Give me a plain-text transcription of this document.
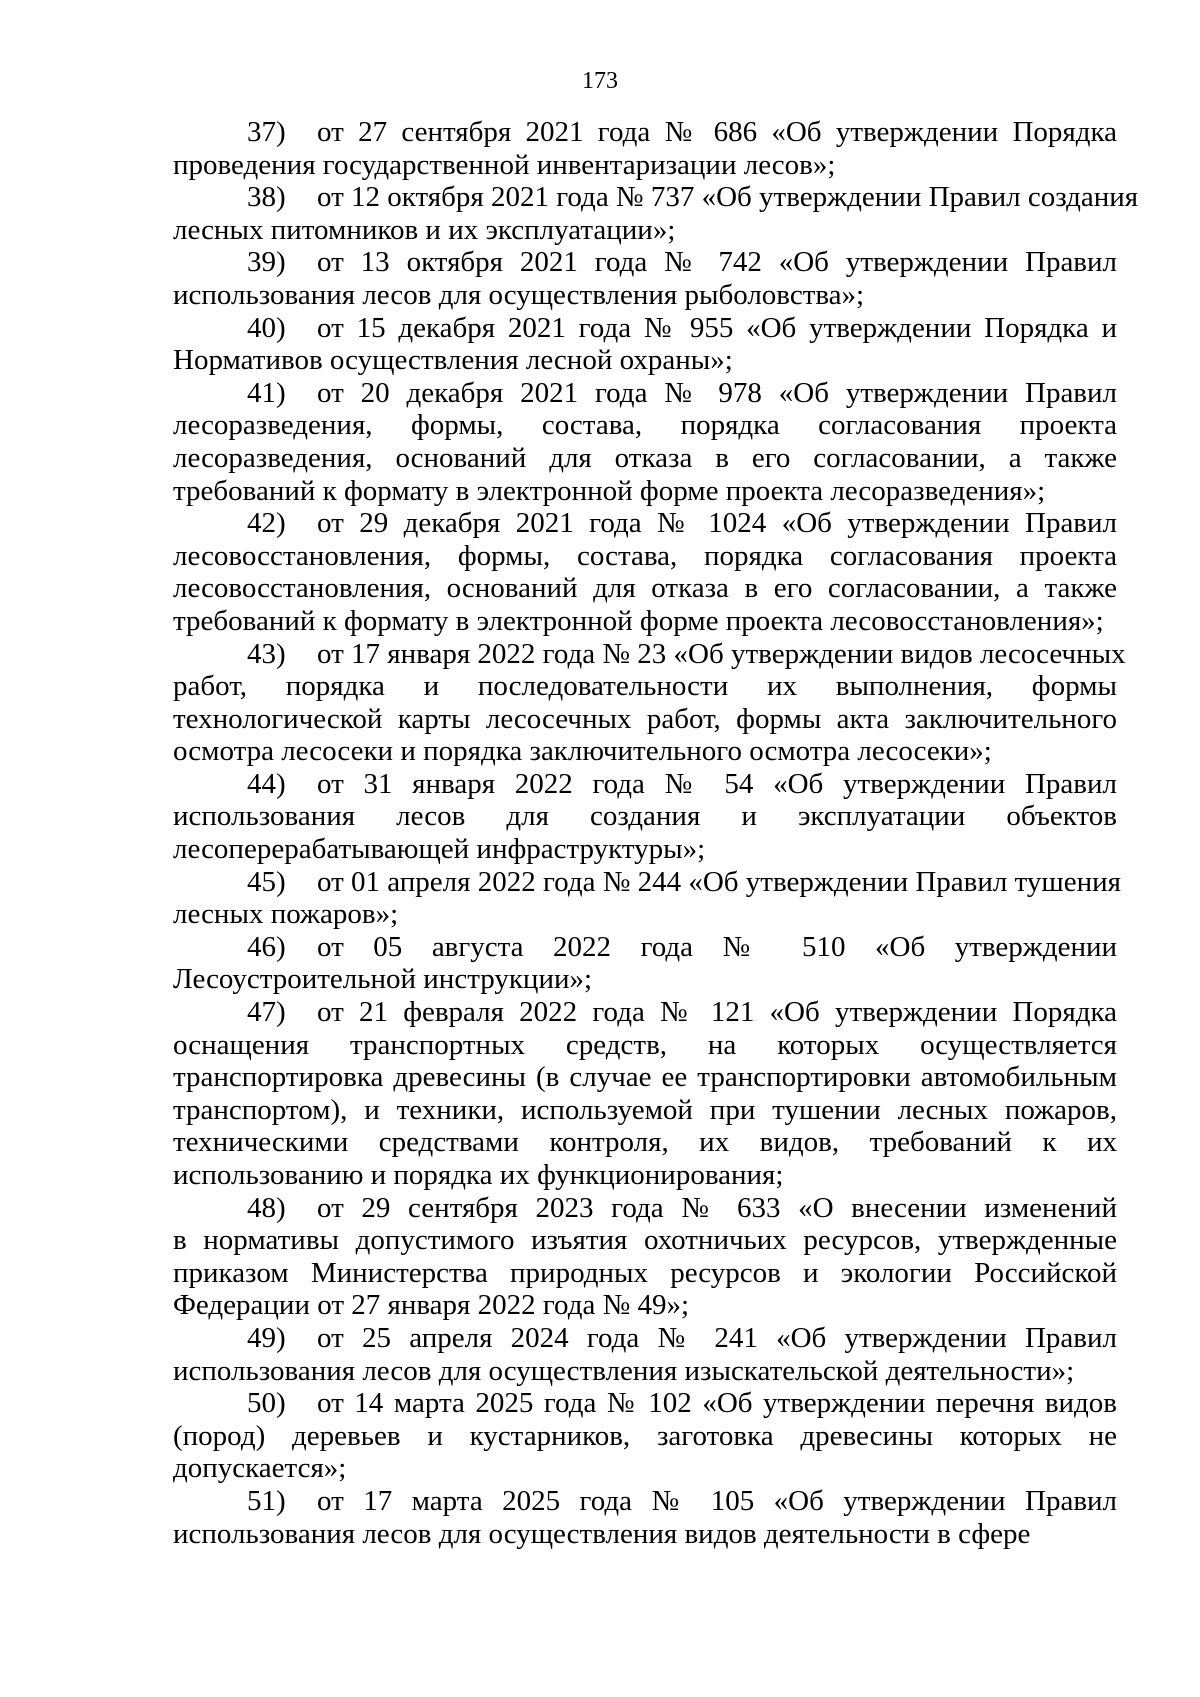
173

37) от 27 сентября 2021 года № 686 «Об утверждении Порядка
проведения государственной инвентаризации лесов»;

38) от 12 октября 2021 года № 737 «Об утверждении Правил создания
лесных питомников и их эксплуатации»;

39) от 13 октября 2021 года № 742 «Об утверждении Правил
использования лесов для осуществления рыболовства»;

40) от 15 декабря 2021 года № 955 «Об утверждении Порядка и
Нормативов осуществления лесной охраны»;

41) от 20 декабря 2021 года № 978 «Об утверждении Правил
лесоразведения, формы, состава, порядка согласования проекта лесоразведения, оснований для отказа в его согласовании, а также требований к формату в электронной форме проекта лесоразведения»;

42) от 29 декабря 2021 года № 1024 «Об утверждении Правил
лесовосстановления, формы, состава, порядка согласования проекта лесовосстановления, оснований для отказа в его согласовании, а также требований к формату в электронной форме проекта лесовосстановления»;

43) от 17 января 2022 года № 23 «Об утверждении видов лесосечных
работ, порядка и последовательности их выполнения, формы технологической карты лесосечных работ, формы акта заключительного осмотра лесосеки и порядка заключительного осмотра лесосеки»;

44) от 31 января 2022 года № 54 «Об утверждении Правил
использования лесов для создания и эксплуатации объектов лесоперерабатывающей инфраструктуры»;

45) от 01 апреля 2022 года № 244 «Об утверждении Правил тушения
лесных пожаров»;

46) от 05 августа 2022 года № 510 «Об утверждении
Лесоустроительной инструкции»;

47) от 21 февраля 2022 года № 121 «Об утверждении Порядка
оснащения транспортных средств, на которых осуществляется транспортировка древесины (в случае ее транспортировки автомобильным транспортом), и техники, используемой при тушении лесных пожаров, техническими средствами контроля, их видов, требований к их использованию и порядка их функционирования;

48) от 29 сентября 2023 года № 633 «О внесении изменений
в нормативы допустимого изъятия охотничьих ресурсов, утвержденные приказом Министерства природных ресурсов и экологии Российской Федерации от 27 января 2022 года № 49»;

49) от 25 апреля 2024 года № 241 «Об утверждении Правил
использования лесов для осуществления изыскательской деятельности»;

50) от 14 марта 2025 года № 102 «Об утверждении перечня видов
(пород) деревьев и кустарников, заготовка древесины которых не допускается»;

51) от 17 марта 2025 года № 105 «Об утверждении Правил
использования лесов для осуществления видов деятельности в сфере
